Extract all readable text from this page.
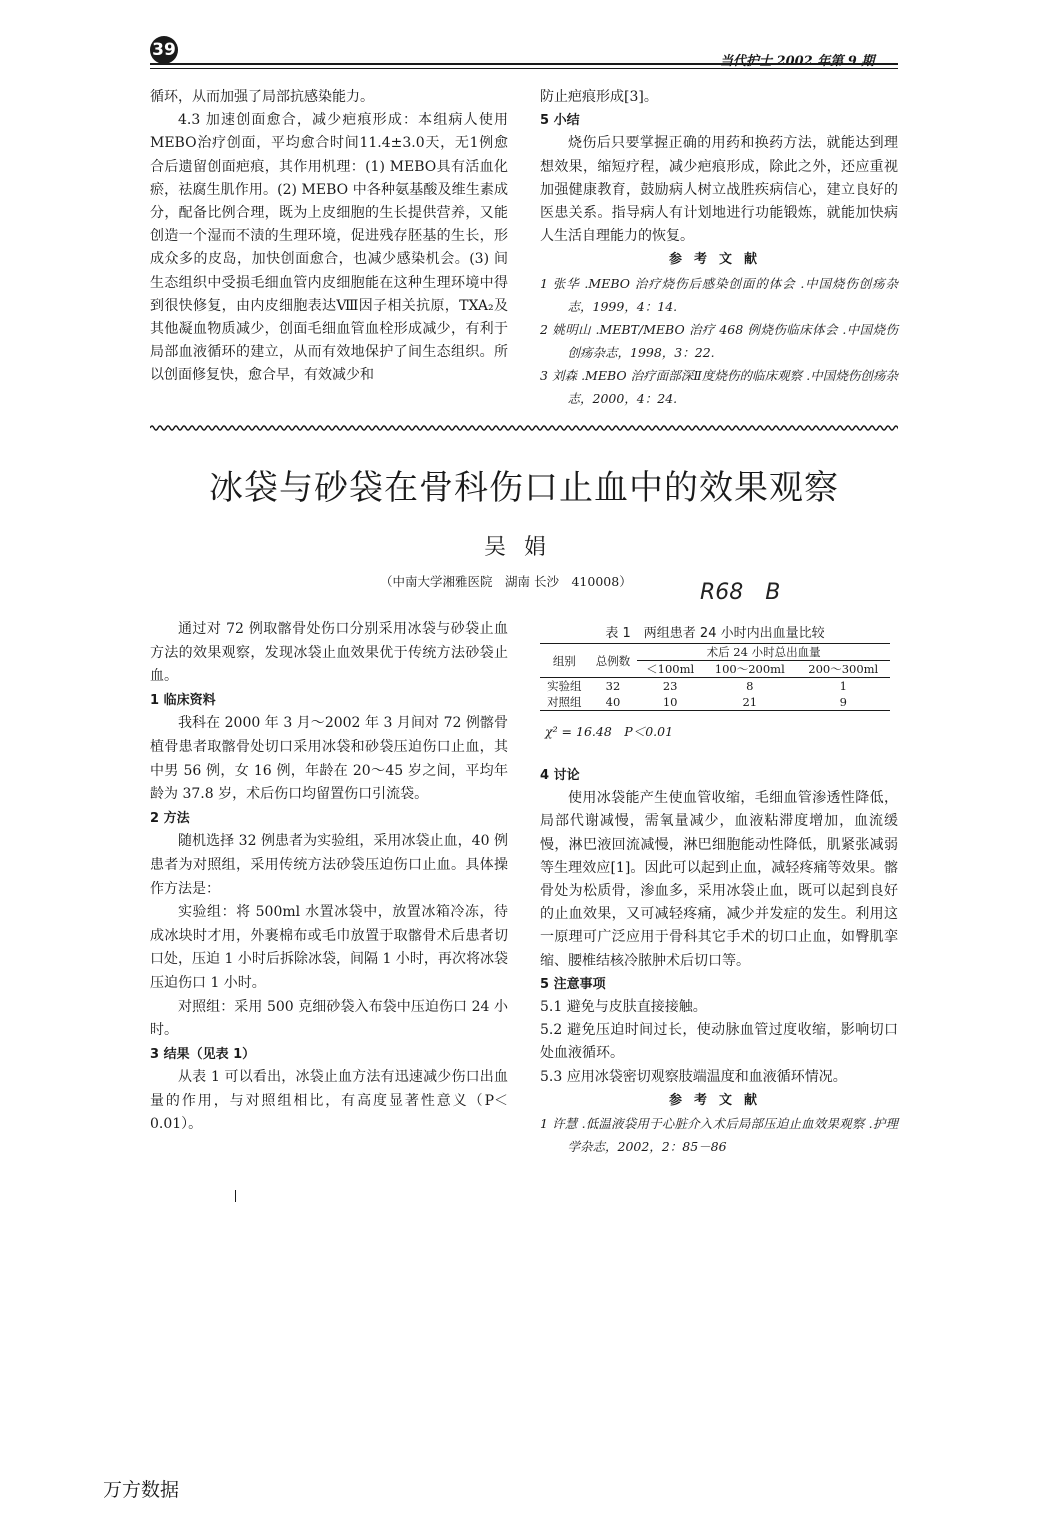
39
当代护士 2002 年第 9 期

循环，从而加强了局部抗感染能力。

4.3 加速创面愈合，减少疤痕形成：本组病人使用MEBO治疗创面，平均愈合时间11.4±3.0天，无1例愈合后遗留创面疤痕，其作用机理：(1) MEBO具有活血化瘀，祛腐生肌作用。(2) MEBO 中各种氨基酸及维生素成分，配备比例合理，既为上皮细胞的生长提供营养，又能创造一个湿而不渍的生理环境，促进残存胚基的生长，形成众多的皮岛，加快创面愈合，也减少感染机会。(3) 间生态组织中受损毛细血管内皮细胞能在这种生理环境中得到很快修复，由内皮细胞表达Ⅷ因子相关抗原，TXA₂及其他凝血物质减少，创面毛细血管血栓形成减少，有利于局部血液循环的建立，从而有效地保护了间生态组织。所以创面修复快，愈合早，有效减少和

防止疤痕形成[3]。

5 小结

烧伤后只要掌握正确的用药和换药方法，就能达到理想效果，缩短疗程，减少疤痕形成，除此之外，还应重视加强健康教育，鼓励病人树立战胜疾病信心，建立良好的医患关系。指导病人有计划地进行功能锻炼，就能加快病人生活自理能力的恢复。

参考文献

1 张华 .MEBO 治疗烧伤后感染创面的体会 .中国烧伤创疡杂志，1999，4：14.

2 姚明山 .MEBT/MEBO 治疗 468 例烧伤临床体会 .中国烧伤创疡杂志，1998，3：22.

3 刘森 .MEBO 治疗面部深Ⅱ度烧伤的临床观察 .中国烧伤创疡杂志，2000，4：24.

冰袋与砂袋在骨科伤口止血中的效果观察
吴娟
（中南大学湘雅医院　湖南 长沙　410008）	R68　B

通过对 72 例取髂骨处伤口分别采用冰袋与砂袋止血方法的效果观察，发现冰袋止血效果优于传统方法砂袋止血。

1 临床资料

我科在 2000 年 3 月～2002 年 3 月间对 72 例髂骨植骨患者取髂骨处切口采用冰袋和砂袋压迫伤口止血，其中男 56 例，女 16 例，年龄在 20～45 岁之间，平均年龄为 37.8 岁，术后伤口均留置伤口引流袋。

2 方法

随机选择 32 例患者为实验组，采用冰袋止血，40 例患者为对照组，采用传统方法砂袋压迫伤口止血。具体操作方法是：

实验组：将 500ml 水置冰袋中，放置冰箱冷冻，待成冰块时才用，外裹棉布或毛巾放置于取髂骨术后患者切口处，压迫 1 小时后拆除冰袋，间隔 1 小时，再次将冰袋压迫伤口 1 小时。

对照组：采用 500 克细砂袋入布袋中压迫伤口 24 小时。

3 结果（见表 1）

从表 1 可以看出，冰袋止血方法有迅速减少伤口出血量的作用，与对照组相比，有高度显著性意义（P＜0.01）。

表 1　两组患者 24 小时内出血量比较
组别	总例数	术后 24 小时总出血量		
		＜100ml	100～200ml	200～300ml
实验组	32	23	8	1
对照组	40	10	21	9
χ² = 16.48　P＜0.01

4 讨论

使用冰袋能产生使血管收缩，毛细血管渗透性降低，局部代谢减慢，需氧量减少，血液粘滞度增加，血流缓慢，淋巴液回流减慢，淋巴细胞能动性降低，肌紧张减弱等生理效应[1]。因此可以起到止血，减轻疼痛等效果。髂骨处为松质骨，渗血多，采用冰袋止血，既可以起到良好的止血效果，又可减轻疼痛，减少并发症的发生。利用这一原理可广泛应用于骨科其它手术的切口止血，如臀肌挛缩、腰椎结核冷脓肿术后切口等。

5 注意事项

5.1 避免与皮肤直接接触。

5.2 避免压迫时间过长，使动脉血管过度收缩，影响切口处血液循环。

5.3 应用冰袋密切观察肢端温度和血液循环情况。

参考文献

1 许慧 .低温液袋用于心脏介入术后局部压迫止血效果观察 .护理学杂志，2002，2：85－86

万方数据
